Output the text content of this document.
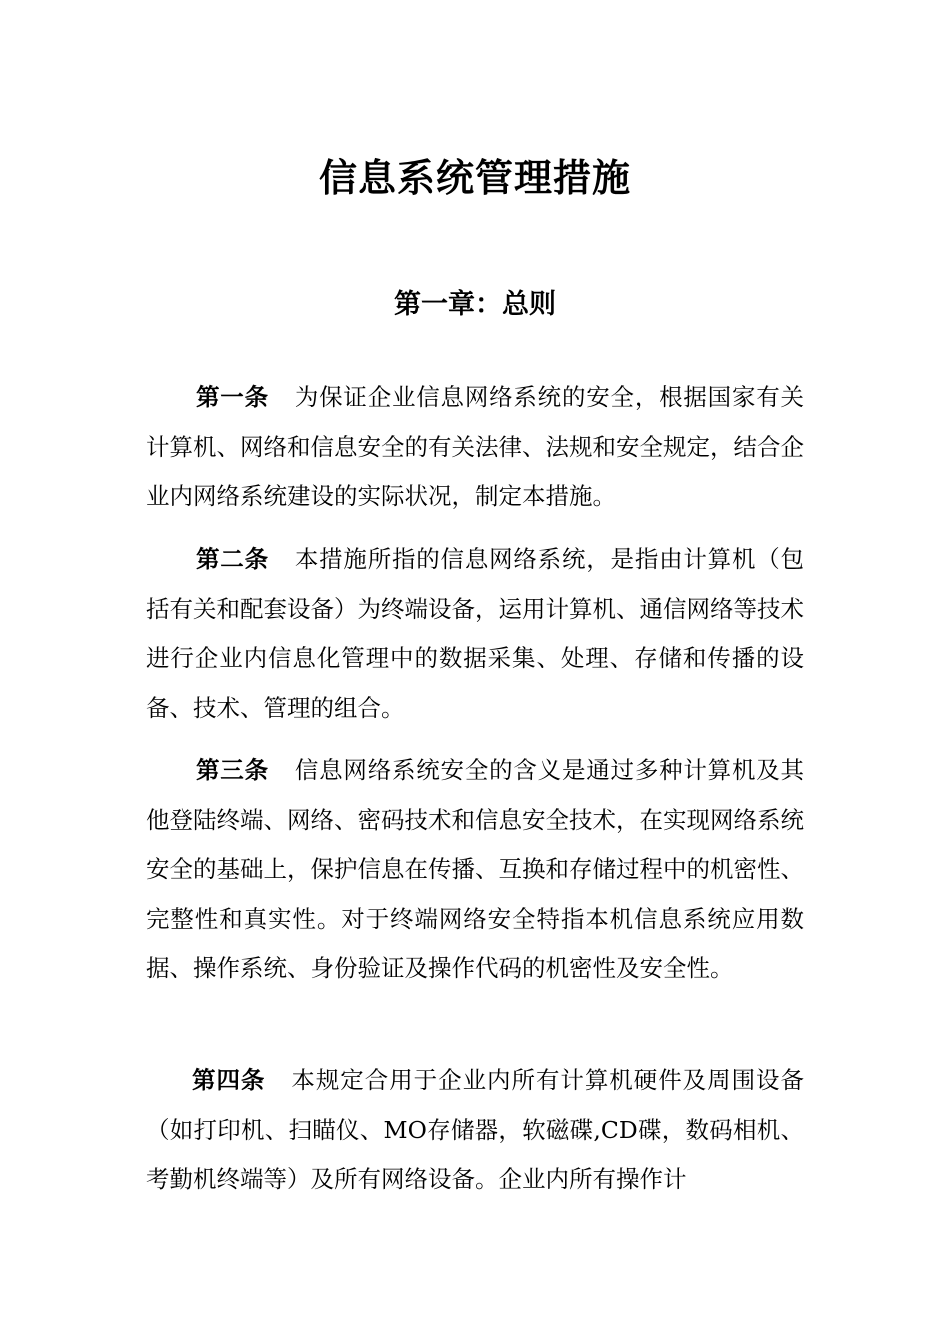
信息系统管理措施
第一章：总则
第一条 为保证企业信息网络系统的安全，根据国家有关计算机、网络和信息安全的有关法律、法规和安全规定，结合企业内网络系统建设的实际状况，制定本措施。
第二条 本措施所指的信息网络系统，是指由计算机（包括有关和配套设备）为终端设备，运用计算机、通信网络等技术进行企业内信息化管理中的数据采集、处理、存储和传播的设备、技术、管理的组合。
第三条 信息网络系统安全的含义是通过多种计算机及其他登陆终端、网络、密码技术和信息安全技术，在实现网络系统安全的基础上，保护信息在传播、互换和存储过程中的机密性、完整性和真实性。对于终端网络安全特指本机信息系统应用数据、操作系统、身份验证及操作代码的机密性及安全性。
第四条 本规定合用于企业内所有计算机硬件及周围设备（如打印机、扫瞄仪、MO存储器，软磁碟,CD碟，数码相机、考勤机终端等）及所有网络设备。企业内所有操作计
